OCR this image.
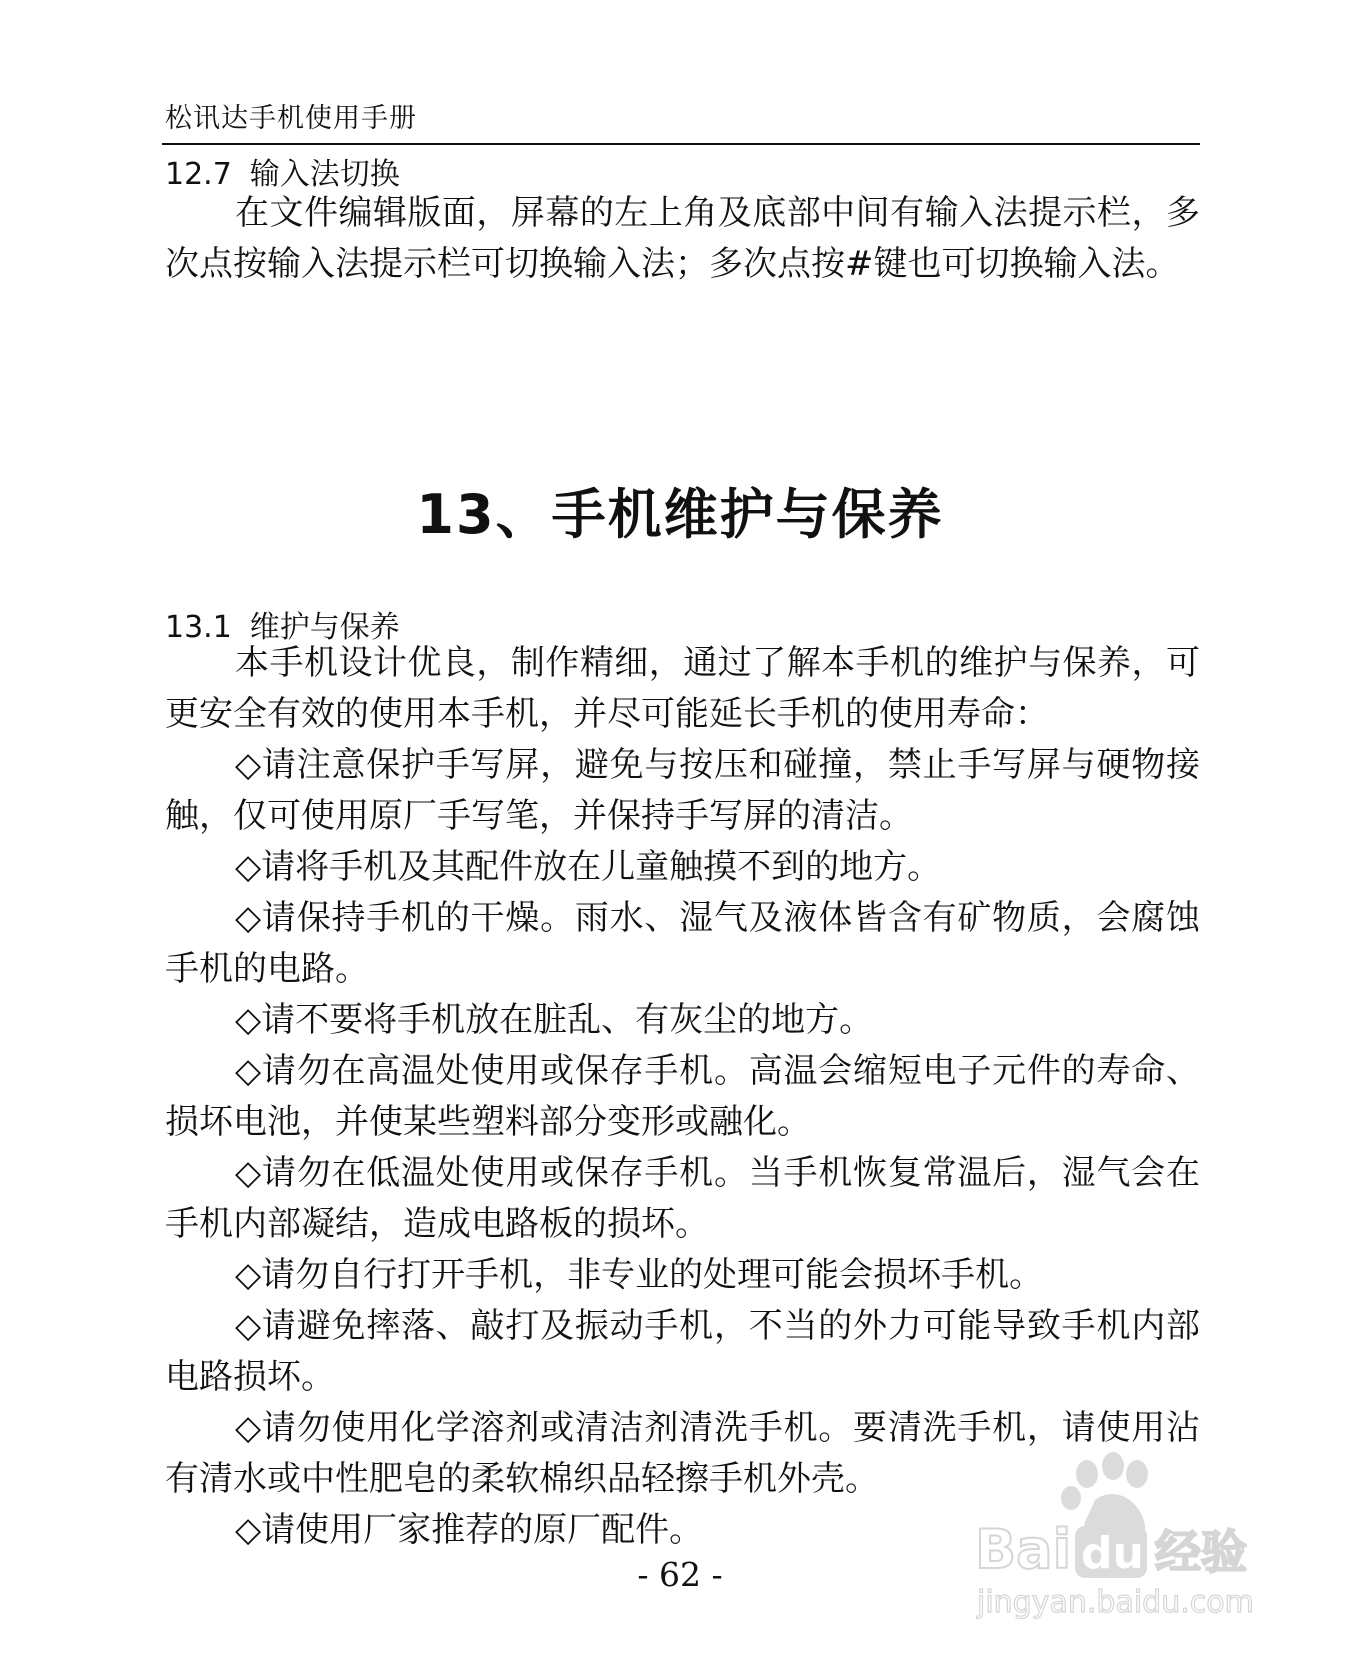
松讯达手机使用手册
12.7 输入法切换

在文件编辑版面，屏幕的左上角及底部中间有输入法提示栏，多次点按输入法提示栏可切换输入法；多次点按#键也可切换输入法。

13、手机维护与保养
13.1 维护与保养

本手机设计优良，制作精细，通过了解本手机的维护与保养，可更安全有效的使用本手机，并尽可能延长手机的使用寿命：

◇请注意保护手写屏，避免与按压和碰撞，禁止手写屏与硬物接触，仅可使用原厂手写笔，并保持手写屏的清洁。

◇请将手机及其配件放在儿童触摸不到的地方。

◇请保持手机的干燥。雨水、湿气及液体皆含有矿物质，会腐蚀手机的电路。

◇请不要将手机放在脏乱、有灰尘的地方。

◇请勿在高温处使用或保存手机。高温会缩短电子元件的寿命、损坏电池，并使某些塑料部分变形或融化。

◇请勿在低温处使用或保存手机。当手机恢复常温后，湿气会在手机内部凝结，造成电路板的损坏。

◇请勿自行打开手机，非专业的处理可能会损坏手机。

◇请避免摔落、敲打及振动手机，不当的外力可能导致手机内部电路损坏。

◇请勿使用化学溶剂或清洁剂清洗手机。要清洗手机，请使用沾有清水或中性肥皂的柔软棉织品轻擦手机外壳。

◇请使用厂家推荐的原厂配件。

- 62 -	Bai du 经验
jingyan.baidu.com
